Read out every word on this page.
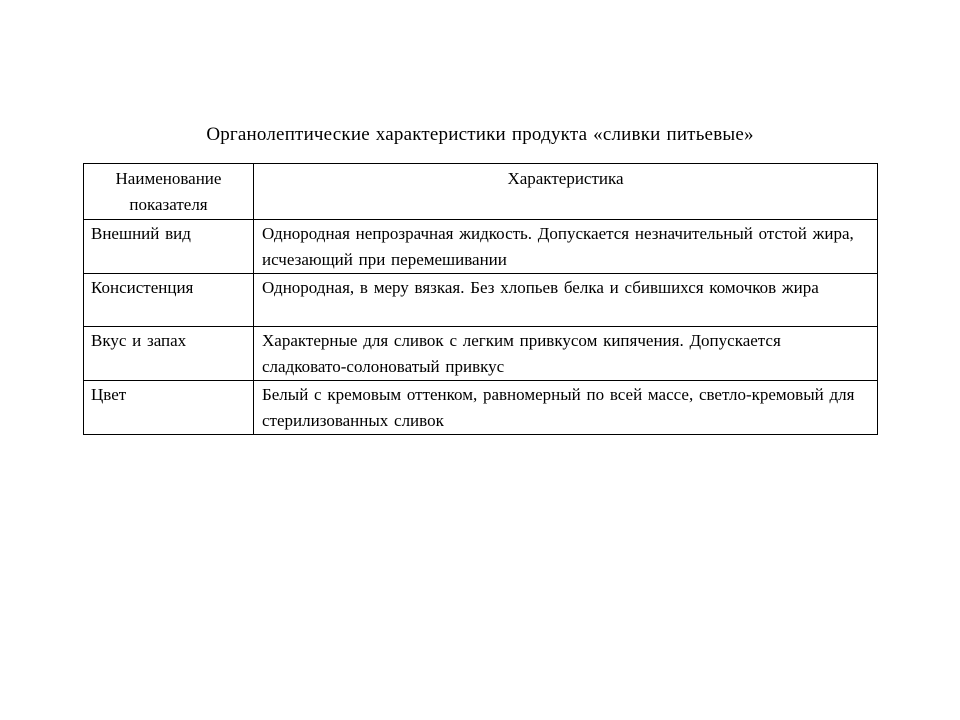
Органолептические характеристики продукта «сливки питьевые»
Наименование показателя	Характеристика
Внешний вид	Однородная непрозрачная жидкость. Допускается незначительный отстой жира, исчезающий при перемешивании
Консистенция	Однородная, в меру вязкая. Без хлопьев белка и сбившихся комочков жира
Вкус и запах	Характерные для сливок с легким привкусом кипячения. Допускается сладковато-солоноватый привкус
Цвет	Белый с кремовым оттенком, равномерный по всей массе, светло-кремовый для стерилизованных сливок
